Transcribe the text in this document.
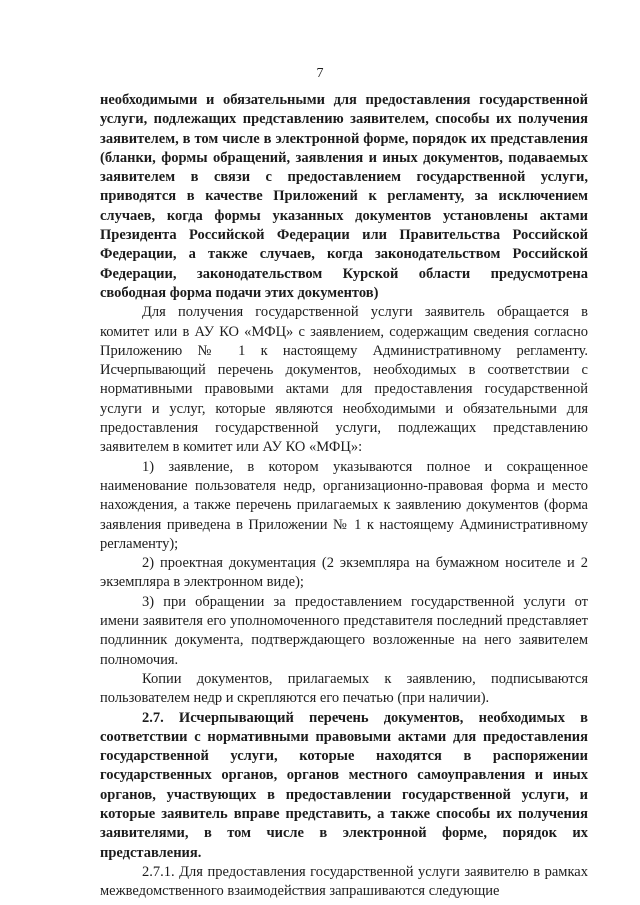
7

необходимыми и обязательными для предоставления государственной услуги, подлежащих представлению заявителем, способы их получения заявителем, в том числе в электронной форме, порядок их представления (бланки, формы обращений, заявления и иных документов, подаваемых заявителем в связи с предоставлением государственной услуги, приводятся в качестве Приложений к регламенту, за исключением случаев, когда формы указанных документов установлены актами Президента Российской Федерации или Правительства Российской Федерации, а также случаев, когда законодательством Российской Федерации, законодательством Курской области предусмотрена свободная форма подачи этих документов)

Для получения государственной услуги заявитель обращается в комитет или в АУ КО «МФЦ» с заявлением, содержащим сведения согласно Приложению № 1 к настоящему Административному регламенту. Исчерпывающий перечень документов, необходимых в соответствии с нормативными правовыми актами для предоставления государственной услуги и услуг, которые являются необходимыми и обязательными для предоставления государственной услуги, подлежащих представлению заявителем в комитет или АУ КО «МФЦ»:

1) заявление, в котором указываются полное и сокращенное наименование пользователя недр, организационно-правовая форма и место нахождения, а также перечень прилагаемых к заявлению документов (форма заявления приведена в Приложении № 1 к настоящему Административному регламенту);

2) проектная документация (2 экземпляра на бумажном носителе и 2 экземпляра в электронном виде);

3) при обращении за предоставлением государственной услуги от имени заявителя его уполномоченного представителя последний представляет подлинник документа, подтверждающего возложенные на него заявителем полномочия.

Копии документов, прилагаемых к заявлению, подписываются пользователем недр и скрепляются его печатью (при наличии).

2.7. Исчерпывающий перечень документов, необходимых в соответствии с нормативными правовыми актами для предоставления государственной услуги, которые находятся в распоряжении государственных органов, органов местного самоуправления и иных органов, участвующих в предоставлении государственной услуги, и которые заявитель вправе представить, а также способы их получения заявителями, в том числе в электронной форме, порядок их представления.

2.7.1. Для предоставления государственной услуги заявителю в рамках межведомственного взаимодействия запрашиваются следующие
